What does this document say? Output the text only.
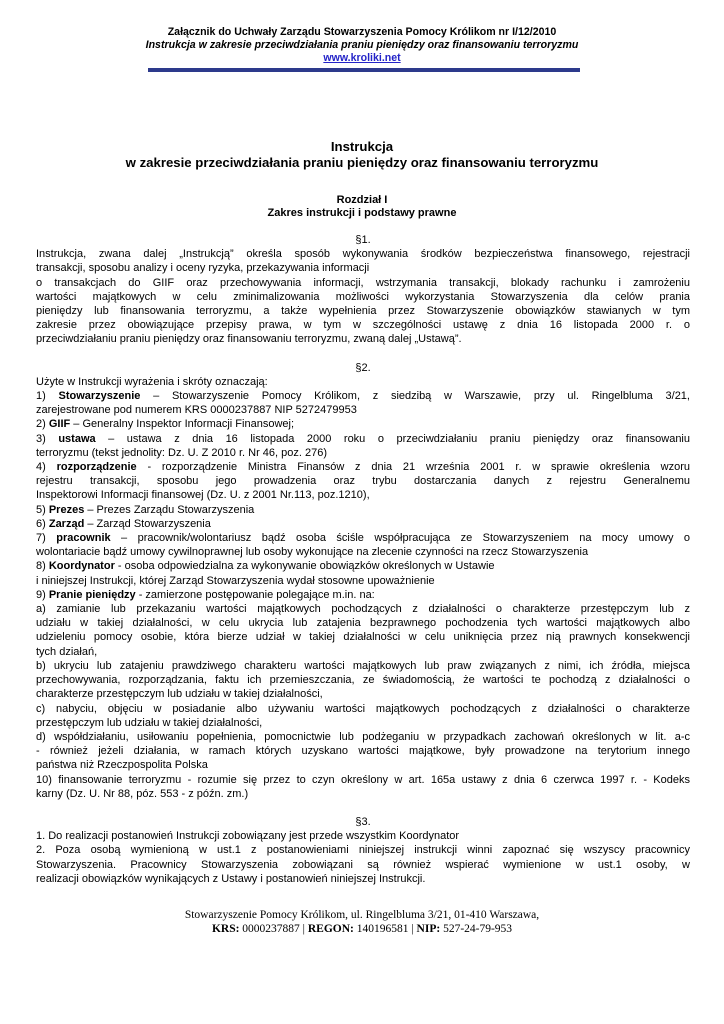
Załącznik do Uchwały Zarządu Stowarzyszenia Pomocy Królikom nr I/12/2010
Instrukcja w zakresie przeciwdziałania praniu pieniędzy oraz finansowaniu terroryzmu
www.kroliki.net
Instrukcja
w zakresie przeciwdziałania praniu pieniędzy oraz finansowaniu terroryzmu
Rozdział I
Zakres instrukcji i podstawy prawne
§1.
Instrukcja, zwana dalej „Instrukcją” określa sposób wykonywania środków bezpieczeństwa finansowego, rejestracji
transakcji, sposobu analizy i oceny ryzyka, przekazywania informacji
o transakcjach do GIIF oraz przechowywania informacji, wstrzymania transakcji, blokady rachunku i zamrożeniu
wartości majątkowych w celu zminimalizowania możliwości wykorzystania Stowarzyszenia dla celów prania
pieniędzy lub finansowania terroryzmu, a także wypełnienia przez Stowarzyszenie obowiązków stawianych w tym
zakresie przez obowiązujące przepisy prawa, w tym w szczególności ustawę z dnia 16 listopada 2000 r. o
przeciwdziałaniu praniu pieniędzy oraz finansowaniu terroryzmu, zwaną dalej „Ustawą”.
§2.
Użyte w Instrukcji wyrażenia i skróty oznaczają:
1) Stowarzyszenie – Stowarzyszenie Pomocy Królikom, z siedzibą w Warszawie, przy ul. Ringelbluma 3/21,
zarejestrowane pod numerem KRS 0000237887 NIP 5272479953
2) GIIF – Generalny Inspektor Informacji Finansowej;
3) ustawa – ustawa z dnia 16 listopada 2000 roku o przeciwdziałaniu praniu pieniędzy oraz finansowaniu
terroryzmu (tekst jednolity: Dz. U. Z 2010 r. Nr 46, poz. 276)
4) rozporządzenie - rozporządzenie Ministra Finansów z dnia 21 września 2001 r. w sprawie określenia wzoru
rejestru transakcji, sposobu jego prowadzenia oraz trybu dostarczania danych z rejestru Generalnemu
Inspektorowi Informacji finansowej (Dz. U. z 2001 Nr.113, poz.1210),
5) Prezes – Prezes Zarządu Stowarzyszenia
6) Zarząd – Zarząd Stowarzyszenia
7) pracownik – pracownik/wolontariusz bądź osoba ściśle współpracująca ze Stowarzyszeniem na mocy umowy o
wolontariacie bądź umowy cywilnoprawnej lub osoby wykonujące na zlecenie czynności na rzecz Stowarzyszenia
8) Koordynator - osoba odpowiedzialna za wykonywanie obowiązków określonych w Ustawie
i niniejszej Instrukcji, której Zarząd Stowarzyszenia wydał stosowne upoważnienie
9) Pranie pieniędzy - zamierzone postępowanie polegające m.in. na:
a) zamianie lub przekazaniu wartości majątkowych pochodzących z działalności o charakterze przestępczym lub z
udziału w takiej działalności, w celu ukrycia lub zatajenia bezprawnego pochodzenia tych wartości majątkowych albo
udzieleniu pomocy osobie, która bierze udział w takiej działalności w celu uniknięcia przez nią prawnych konsekwencji
tych działań,
b) ukryciu lub zatajeniu prawdziwego charakteru wartości majątkowych lub praw związanych z nimi, ich źródła, miejsca
przechowywania, rozporządzania, faktu ich przemieszczania, ze świadomością, że wartości te pochodzą z działalności o
charakterze przestępczym lub udziału w takiej działalności,
c) nabyciu, objęciu w posiadanie albo używaniu wartości majątkowych pochodzących z działalności o charakterze
przestępczym lub udziału w takiej działalności,
d) współdziałaniu, usiłowaniu popełnienia, pomocnictwie lub podżeganiu w przypadkach zachowań określonych w lit. a-c
- również jeżeli działania, w ramach których uzyskano wartości majątkowe, były prowadzone na terytorium innego
państwa niż Rzeczpospolita Polska
10) finansowanie terroryzmu - rozumie się przez to czyn określony w art. 165a ustawy z dnia 6 czerwca 1997 r. - Kodeks
karny (Dz. U. Nr 88, póz. 553 - z późn. zm.)
§3.
1. Do realizacji postanowień Instrukcji zobowiązany jest przede wszystkim Koordynator
2. Poza osobą wymienioną w ust.1 z postanowieniami niniejszej instrukcji winni zapoznać się wszyscy pracownicy
Stowarzyszenia. Pracownicy Stowarzyszenia zobowiązani są również wspierać wymienione w ust.1 osoby, w
realizacji obowiązków wynikających z Ustawy i postanowień niniejszej Instrukcji.
Stowarzyszenie Pomocy Królikom, ul. Ringelbluma 3/21, 01-410 Warszawa,
KRS: 0000237887 | REGON: 140196581 | NIP: 527-24-79-953
